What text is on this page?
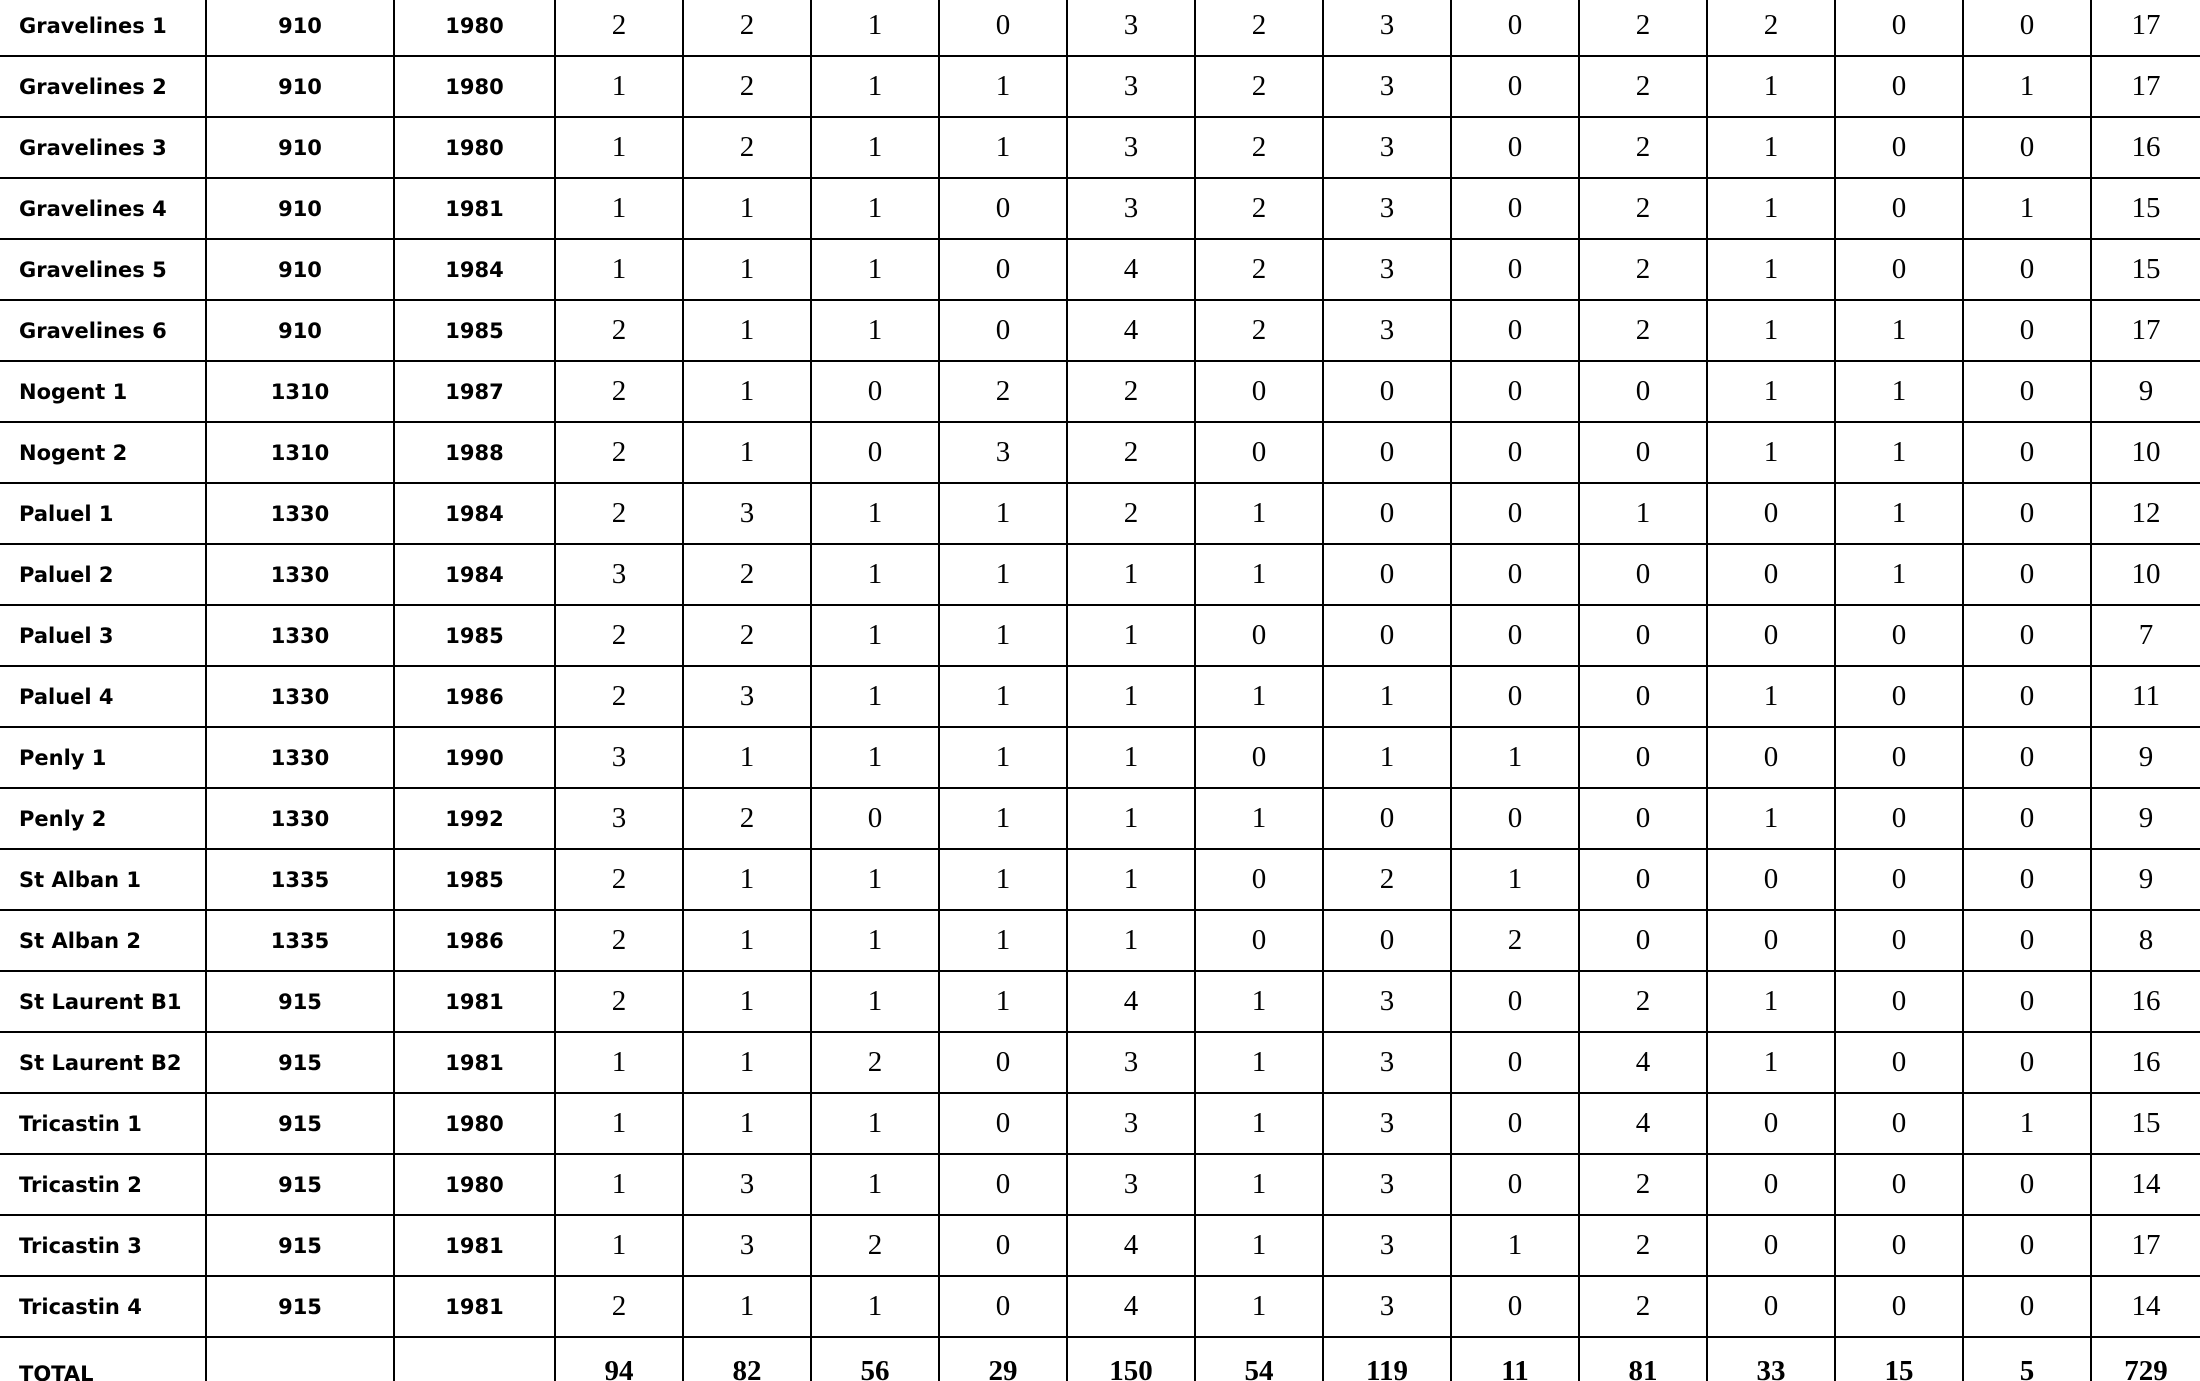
Gravelines 1	910	1980	2	2	1	0	3	2	3	0	2	2	0	0	17
Gravelines 2	910	1980	1	2	1	1	3	2	3	0	2	1	0	1	17
Gravelines 3	910	1980	1	2	1	1	3	2	3	0	2	1	0	0	16
Gravelines 4	910	1981	1	1	1	0	3	2	3	0	2	1	0	1	15
Gravelines 5	910	1984	1	1	1	0	4	2	3	0	2	1	0	0	15
Gravelines 6	910	1985	2	1	1	0	4	2	3	0	2	1	1	0	17
Nogent 1	1310	1987	2	1	0	2	2	0	0	0	0	1	1	0	9
Nogent 2	1310	1988	2	1	0	3	2	0	0	0	0	1	1	0	10
Paluel 1	1330	1984	2	3	1	1	2	1	0	0	1	0	1	0	12
Paluel 2	1330	1984	3	2	1	1	1	1	0	0	0	0	1	0	10
Paluel 3	1330	1985	2	2	1	1	1	0	0	0	0	0	0	0	7
Paluel 4	1330	1986	2	3	1	1	1	1	1	0	0	1	0	0	11
Penly 1	1330	1990	3	1	1	1	1	0	1	1	0	0	0	0	9
Penly 2	1330	1992	3	2	0	1	1	1	0	0	0	1	0	0	9
St Alban 1	1335	1985	2	1	1	1	1	0	2	1	0	0	0	0	9
St Alban 2	1335	1986	2	1	1	1	1	0	0	2	0	0	0	0	8
St Laurent B1	915	1981	2	1	1	1	4	1	3	0	2	1	0	0	16
St Laurent B2	915	1981	1	1	2	0	3	1	3	0	4	1	0	0	16
Tricastin 1	915	1980	1	1	1	0	3	1	3	0	4	0	0	1	15
Tricastin 2	915	1980	1	3	1	0	3	1	3	0	2	0	0	0	14
Tricastin 3	915	1981	1	3	2	0	4	1	3	1	2	0	0	0	17
Tricastin 4	915	1981	2	1	1	0	4	1	3	0	2	0	0	0	14
TOTAL			94	82	56	29	150	54	119	11	81	33	15	5	729
